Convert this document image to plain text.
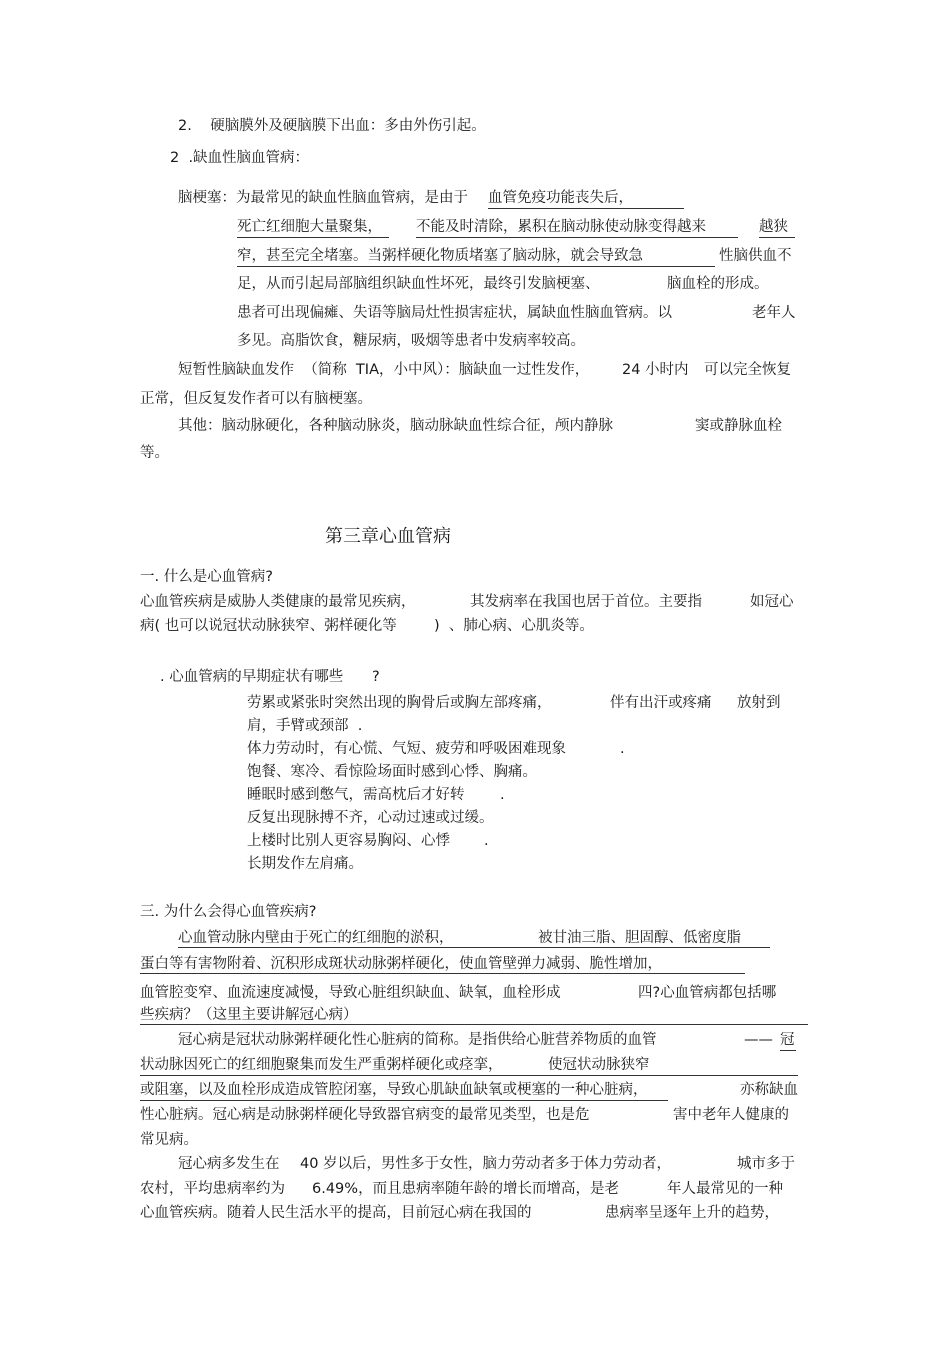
2.    硬脑膜外及硬脑膜下出血：多由外伤引起。
2  .缺血性脑血管病：
脑梗塞：为最常见的缺血性脑血管病，是由于 血管免疫功能丧失后，
死亡红细胞大量聚集，	不能及时清除，累积在脑动脉使动脉变得越来	越狭
窄，甚至完全堵塞。当粥样硬化物质堵塞了脑动脉，就会导致急	性脑供血不
足，从而引起局部脑组织缺血性坏死，最终引发脑梗塞、	脑血栓的形成。
患者可出现偏瘫、失语等脑局灶性损害症状，属缺血性脑血管病。以	老年人
多见。高脂饮食，糖尿病，吸烟等患者中发病率较高。
短暂性脑缺血发作  （简称  TIA，小中风）：脑缺血一过性发作， 24 小时内 可以完全恢复
正常，但反复发作者可以有脑梗塞。
其他：脑动脉硬化，各种脑动脉炎，脑动脉缺血性综合征，颅内静脉	窦或静脉血栓
等。
第三章心血管病
一. 什么是心血管病?
心血管疾病是威胁人类健康的最常见疾病，	其发病率在我国也居于首位。主要指	如冠心
病( 也可以说冠状动脉狭窄、粥样硬化等	)  、肺心病、心肌炎等。
. 心血管病的早期症状有哪些 ?
劳累或紧张时突然出现的胸骨后或胸左部疼痛，	伴有出汗或疼痛 放射到
肩，手臂或颈部  .
体力劳动时，有心慌、气短、疲劳和呼吸困难现象	.
饱餐、寒冷、看惊险场面时感到心悸、胸痛。
睡眠时感到憋气，需高枕后才好转 .
反复出现脉搏不齐，心动过速或过缓。
上楼时比别人更容易胸闷、心悸 .
长期发作左肩痛。
三. 为什么会得心血管疾病?
心血管动脉内壁由于死亡的红细胞的淤积，	被甘油三脂、胆固醇、低密度脂
蛋白等有害物附着、沉积形成斑状动脉粥样硬化，使血管壁弹力减弱、脆性增加，
血管腔变窄、血流速度减慢，导致心脏组织缺血、缺氧，血栓形成	四?心血管病都包括哪
些疾病？（这里主要讲解冠心病）
冠心病是冠状动脉粥样硬化性心脏病的简称。是指供给心脏营养物质的血管	—— 冠
状动脉因死亡的红细胞聚集而发生严重粥样硬化或痉挛，	使冠状动脉狭窄
或阻塞，以及血栓形成造成管腔闭塞，导致心肌缺血缺氧或梗塞的一种心脏病，	亦称缺血
性心脏病。冠心病是动脉粥样硬化导致器官病变的最常见类型，也是危	害中老年人健康的
常见病。
冠心病多发生在 40 岁以后，男性多于女性，脑力劳动者多于体力劳动者，	城市多于
农村，平均患病率约为 6.49%，而且患病率随年龄的增长而增高，是老	年人最常见的一种
心血管疾病。随着人民生活水平的提高，目前冠心病在我国的	患病率呈逐年上升的趋势，
